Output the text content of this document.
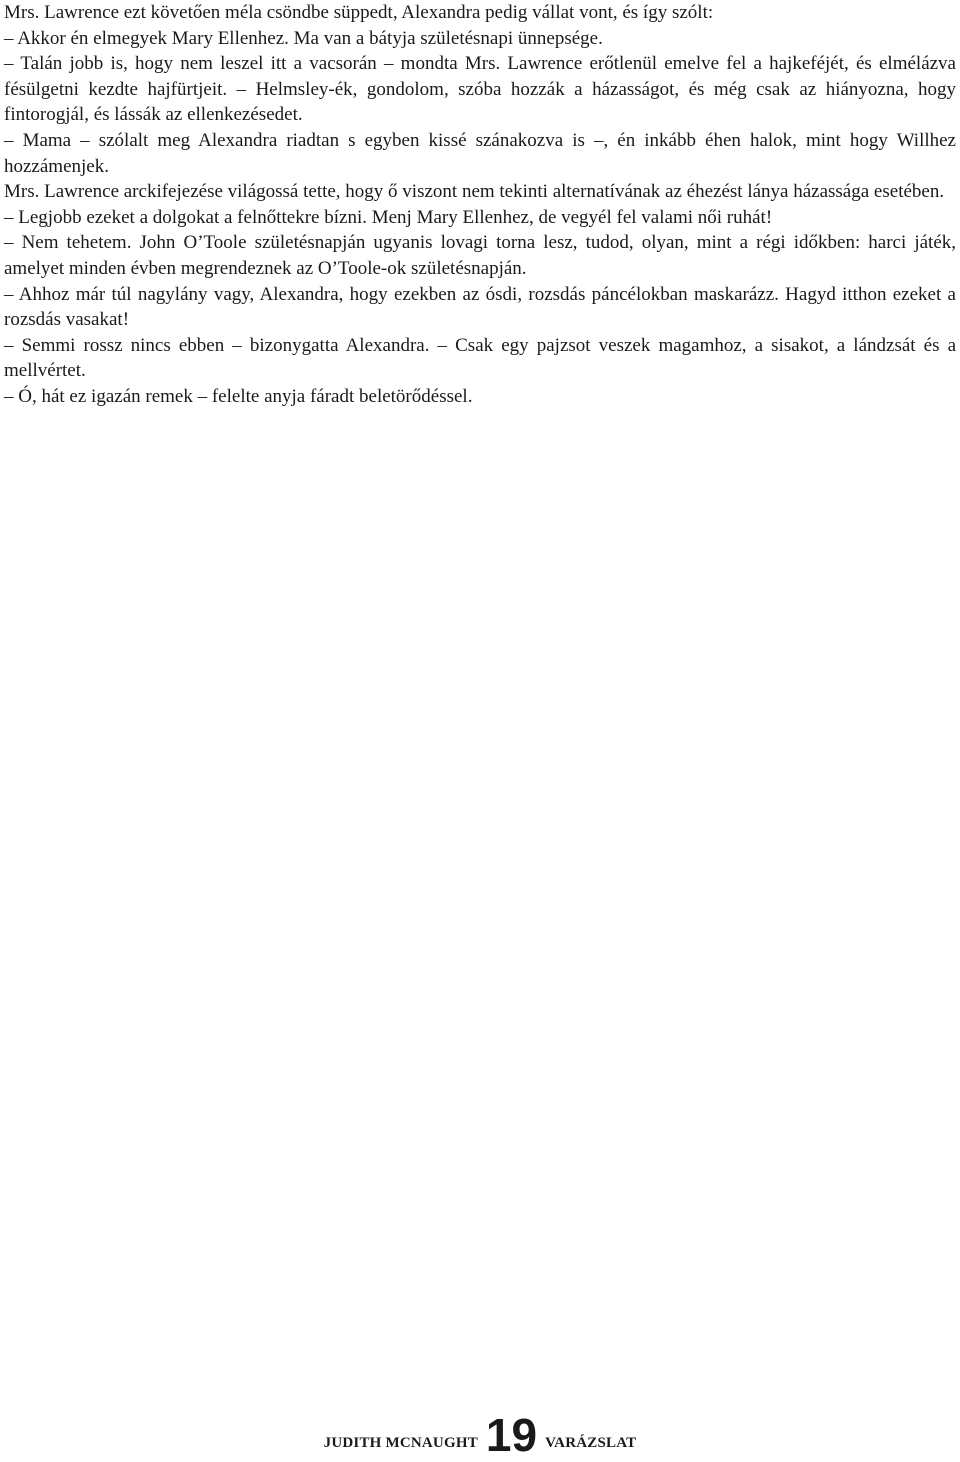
Mrs. Lawrence ezt követően méla csöndbe süppedt, Alexandra pedig vállat vont, és így szólt:

– Akkor én elmegyek Mary Ellenhez. Ma van a bátyja születésnapi ünnepsége.

– Talán jobb is, hogy nem leszel itt a vacsorán – mondta Mrs. Lawrence erőtlenül emelve fel a hajkeféjét, és elmélázva fésülgetni kezdte hajfürtjeit. – Helmsley-ék, gondolom, szóba hozzák a házasságot, és még csak az hiányozna, hogy fintorogjál, és lássák az ellenkezésedet.

– Mama – szólalt meg Alexandra riadtan s egyben kissé szánakozva is –, én inkább éhen halok, mint hogy Willhez hozzámenjek.

Mrs. Lawrence arckifejezése világossá tette, hogy ő viszont nem tekinti alternatívának az éhezést lánya házassága esetében.

– Legjobb ezeket a dolgokat a felnőttekre bízni. Menj Mary Ellenhez, de vegyél fel valami női ruhát!

– Nem tehetem. John O’Toole születésnapján ugyanis lovagi torna lesz, tudod, olyan, mint a régi időkben: harci játék, amelyet minden évben megrendeznek az O’Toole-ok születésnapján.

– Ahhoz már túl nagylány vagy, Alexandra, hogy ezekben az ósdi, rozsdás páncélokban maskarázz. Hagyd itthon ezeket a rozsdás vasakat!

– Semmi rossz nincs ebben – bizonygatta Alexandra. – Csak egy pajzsot veszek magamhoz, a sisakot, a lándzsát és a mellvértet.

– Ó, hát ez igazán remek – felelte anyja fáradt beletörődéssel.

JUDITH MCNAUGHT 19 VARÁZSLAT
